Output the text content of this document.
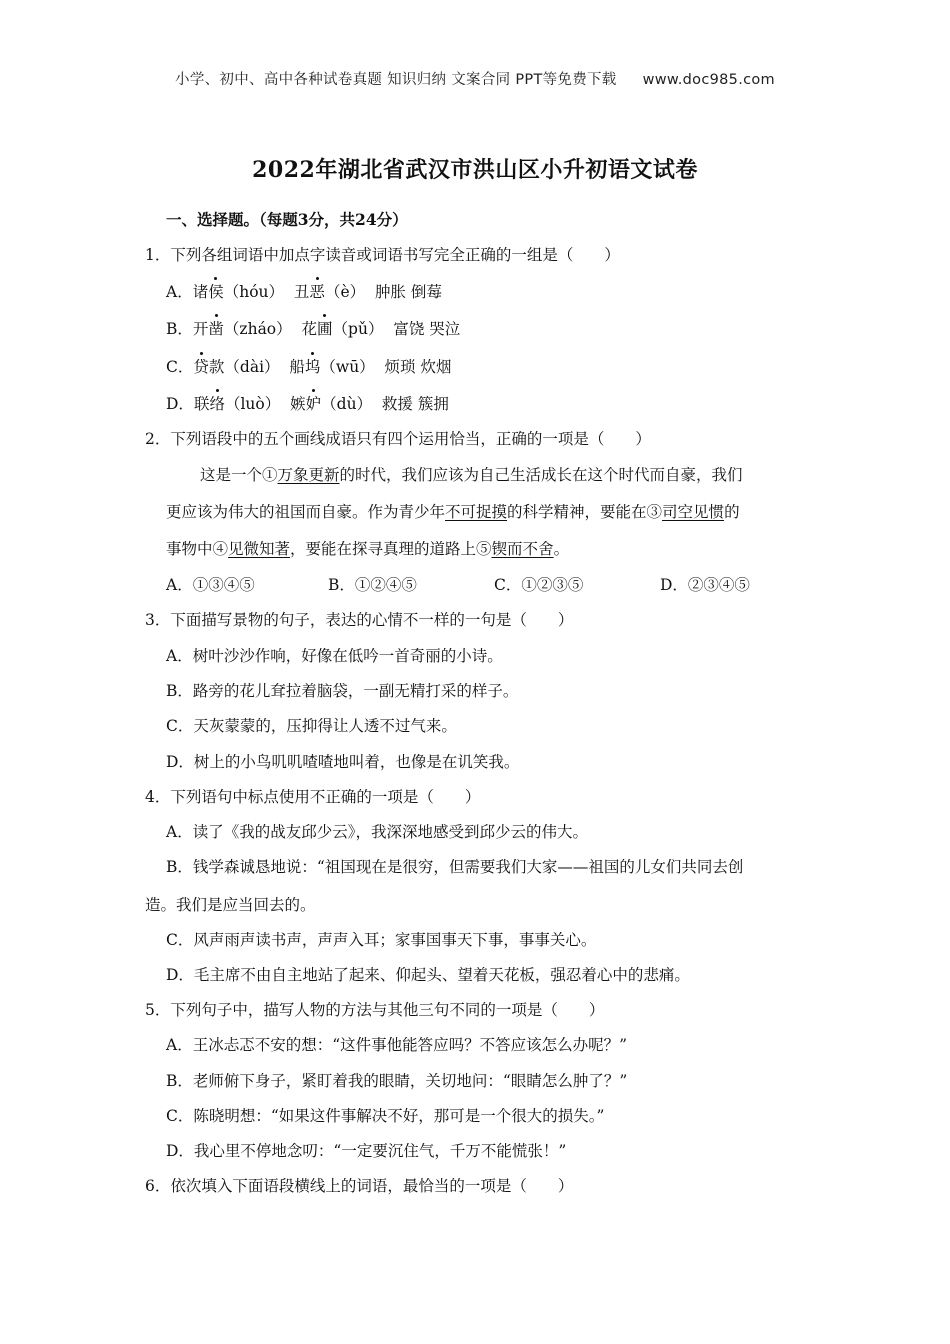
小学、初中、高中各种试卷真题 知识归纳 文案合同 PPT等免费下载 www.doc985.com
2022年湖北省武汉市洪山区小升初语文试卷
一、选择题。（每题3分，共24分）
1．下列各组词语中加点字读音或词语书写完全正确的一组是（　　）
A．诸侯（hóu） 丑恶（è） 肿胀 倒莓
B．开凿（zháo） 花圃（pǔ） 富饶 哭泣
C．贷款（dài） 船坞（wū） 烦琐 炊烟
D．联络（luò） 嫉妒（dù） 救援 簇拥
2．下列语段中的五个画线成语只有四个运用恰当，正确的一项是（　　）
这是一个①万象更新的时代，我们应该为自己生活成长在这个时代而自豪，我们
更应该为伟大的祖国而自豪。作为青少年不可捉摸的科学精神，要能在③司空见惯的
事物中④见微知著，要能在探寻真理的道路上⑤锲而不舍。
A．①③④⑤	B．①②④⑤	C．①②③⑤	D．②③④⑤
3．下面描写景物的句子，表达的心情不一样的一句是（　　）
A．树叶沙沙作响，好像在低吟一首奇丽的小诗。
B．路旁的花儿耷拉着脑袋，一副无精打采的样子。
C．天灰蒙蒙的，压抑得让人透不过气来。
D．树上的小鸟叽叽喳喳地叫着，也像是在讥笑我。
4．下列语句中标点使用不正确的一项是（　　）
A．读了《我的战友邱少云》，我深深地感受到邱少云的伟大。
B．钱学森诚恳地说：“祖国现在是很穷，但需要我们大家——祖国的儿女们共同去创
造。我们是应当回去的。
C．风声雨声读书声，声声入耳；家事国事天下事，事事关心。
D．毛主席不由自主地站了起来、仰起头、望着天花板，强忍着心中的悲痛。
5．下列句子中，描写人物的方法与其他三句不同的一项是（　　）
A．王冰忐忑不安的想：“这件事他能答应吗？不答应该怎么办呢？”
B．老师俯下身子，紧盯着我的眼睛，关切地问：“眼睛怎么肿了？”
C．陈晓明想：“如果这件事解决不好，那可是一个很大的损失。”
D．我心里不停地念叨：“一定要沉住气，千万不能慌张！”
6．依次填入下面语段横线上的词语，最恰当的一项是（　　）
